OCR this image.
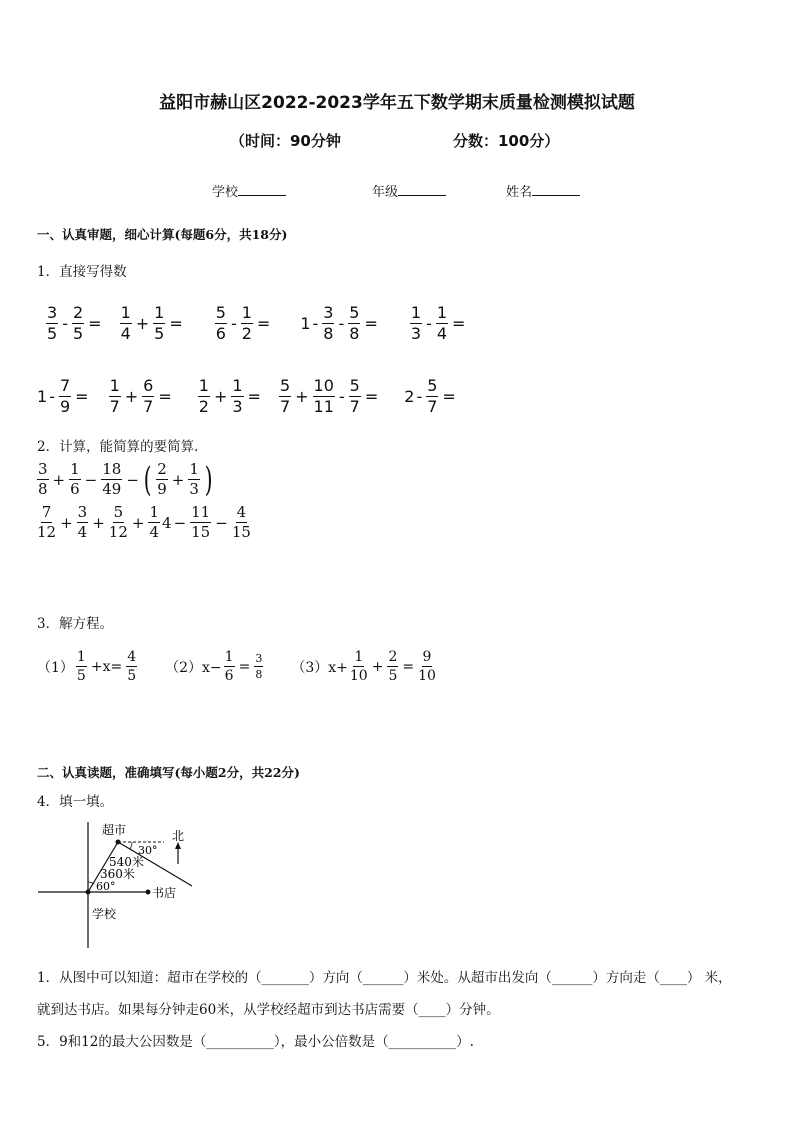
益阳市赫山区2022-2023学年五下数学期末质量检测模拟试题
（时间：90分钟	分数：100分）
学校	年级	姓名
一、认真审题，细心计算(每题6分，共18分)
1．直接写得数
$\frac{3}{5} - \frac{2}{5} = \frac{1}{4} + \frac{1}{5} = \frac{5}{6} - \frac{1}{2} = 1 - \frac{3}{8} - \frac{5}{8} = \frac{1}{3} - \frac{1}{4}$ =
$1 - \frac{7}{9} = \frac{1}{7} + \frac{6}{7} = \frac{1}{2} + \frac{1}{3} = \frac{5}{7} + \frac{10}{11} - \frac{5}{7} = 2 - \frac{5}{7}$ =
2．计算，能简算的要简算.
$\frac{3}{8} + \frac{1}{6} - \frac{18}{49}$ − ( $\frac{2}{9} + \frac{1}{3}$ )
$\frac{7}{12} + \frac{3}{4} + \frac{5}{12} + \frac{1}{4} 4 - \frac{11}{15} - \frac{4}{15}$
3．解方程。
$(1) \frac{1}{5} +x= \frac{4}{5} (2)x- \frac{1}{6} = \frac{3}{8} (3)x+ \frac{1}{10} + \frac{2}{5} = \frac{9}{10}$
二、认真读题，准确填写(每小题2分，共22分)
4．填一填。
超市	北
30°
540米
360米
60°	书店
学校
1．从图中可以知道：超市在学校的（_______）方向（______）米处。从超市出发向（______）方向走（____） 米，
就到达书店。如果每分钟走60米，从学校经超市到达书店需要（____）分钟。
5．9和12的最大公因数是（__________），最小公倍数是（__________）.
